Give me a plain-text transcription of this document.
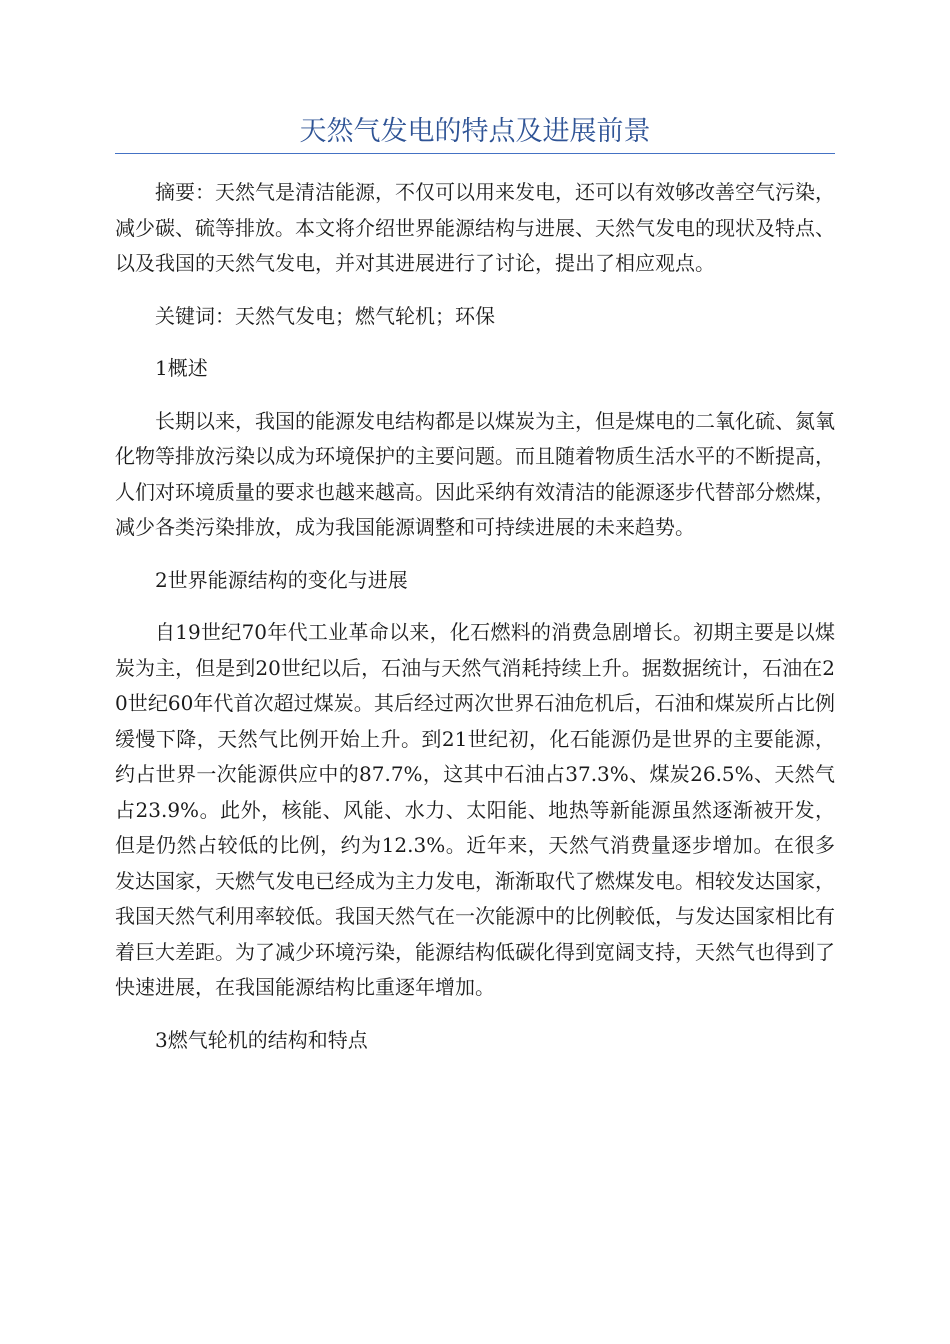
天然气发电的特点及进展前景

摘要：天然气是清洁能源，不仅可以用来发电，还可以有效够改善空气污染，减少碳、硫等排放。本文将介绍世界能源结构与进展、天然气发电的现状及特点、以及我国的天然气发电，并对其进展进行了讨论，提出了相应观点。

关键词：天然气发电；燃气轮机；环保

1概述

长期以来，我国的能源发电结构都是以煤炭为主，但是煤电的二氧化硫、氮氧化物等排放污染以成为环境保护的主要问题。而且随着物质生活水平的不断提高，人们对环境质量的要求也越来越高。因此采纳有效清洁的能源逐步代替部分燃煤，减少各类污染排放，成为我国能源调整和可持续进展的未来趋势。

2世界能源结构的变化与进展

自19世纪70年代工业革命以来，化石燃料的消费急剧增长。初期主要是以煤炭为主，但是到20世纪以后，石油与天然气消耗持续上升。据数据统计，石油在20世纪60年代首次超过煤炭。其后经过两次世界石油危机后，石油和煤炭所占比例缓慢下降，天然气比例开始上升。到21世纪初，化石能源仍是世界的主要能源，约占世界一次能源供应中的87.7%，这其中石油占37.3%、煤炭26.5%、天然气占23.9%。此外，核能、风能、水力、太阳能、地热等新能源虽然逐渐被开发，但是仍然占较低的比例，约为12.3%。近年来，天然气消费量逐步增加。在很多发达国家，天燃气发电已经成为主力发电，渐渐取代了燃煤发电。相较发达国家，我国天然气利用率较低。我国天然气在一次能源中的比例較低，与发达国家相比有着巨大差距。为了减少环境污染，能源结构低碳化得到宽阔支持，天然气也得到了快速进展，在我国能源结构比重逐年增加。

3燃气轮机的结构和特点
